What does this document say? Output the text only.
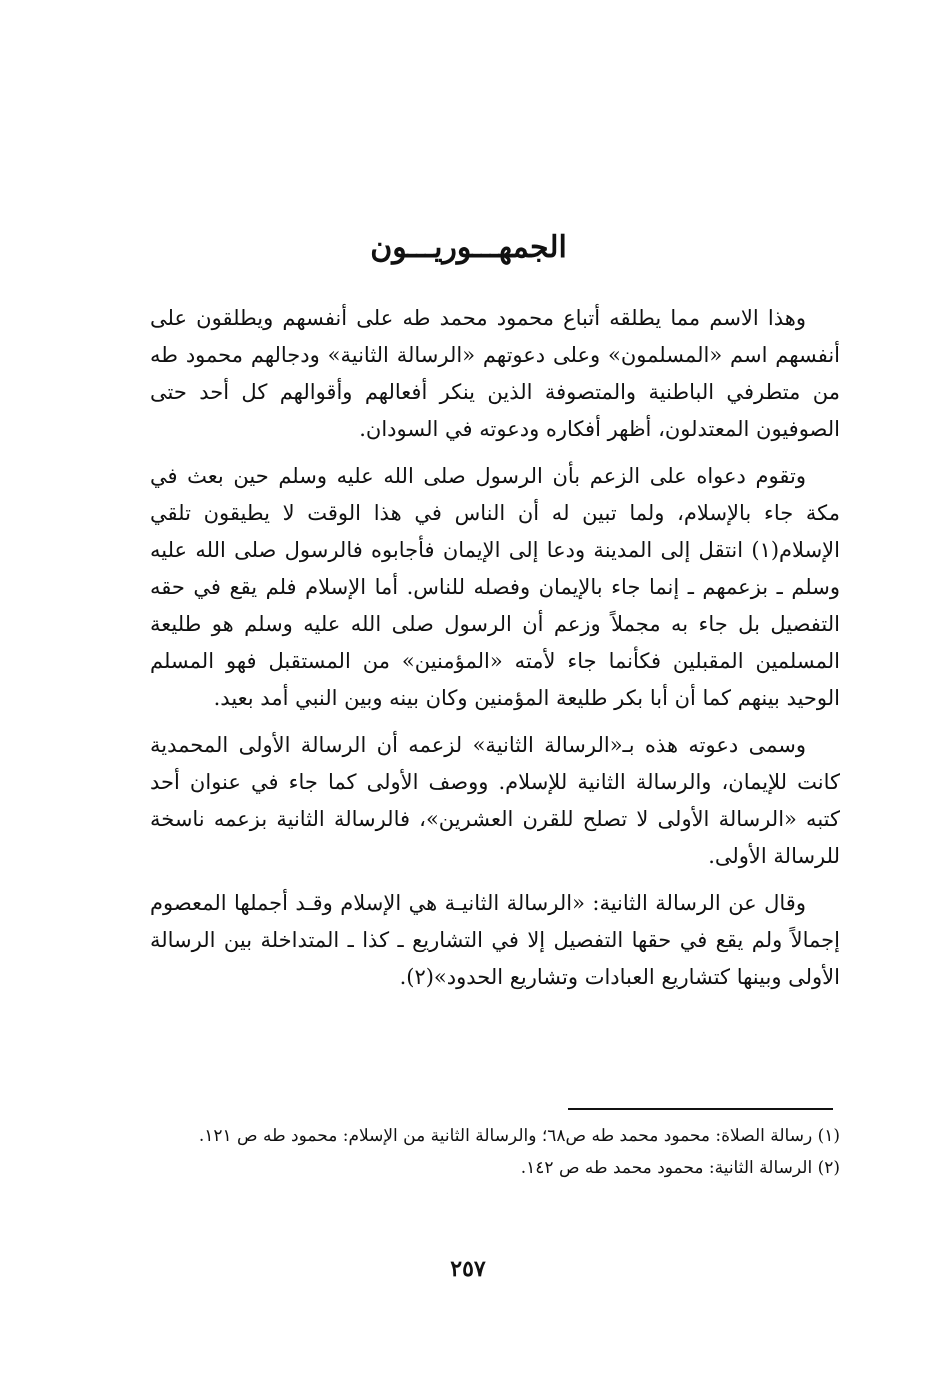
الجمهـــوريـــون

وهذا الاسم مما يطلقه أتباع محمود محمد طه على أنفسهم ويطلقون على أنفسهم اسم «المسلمون» وعلى دعوتهم «الرسالة الثانية» ودجالهم محمود طه من متطرفي الباطنية والمتصوفة الذين ينكر أفعالهم وأقوالهم كل أحد حتى الصوفيون المعتدلون، أظهر أفكاره ودعوته في السودان.

وتقوم دعواه على الزعم بأن الرسول صلى الله عليه وسلم حين بعث في مكة جاء بالإسلام، ولما تبين له أن الناس في هذا الوقت لا يطيقون تلقي الإسلام(١) انتقل إلى المدينة ودعا إلى الإيمان فأجابوه فالرسول صلى الله عليه وسلم ـ بزعمهم ـ إنما جاء بالإيمان وفصله للناس. أما الإسلام فلم يقع في حقه التفصيل بل جاء به مجملاً وزعم أن الرسول صلى الله عليه وسلم هو طليعة المسلمين المقبلين فكأنما جاء لأمته «المؤمنين» من المستقبل فهو المسلم الوحيد بينهم كما أن أبا بكر طليعة المؤمنين وكان بينه وبين النبي أمد بعيد.

وسمى دعوته هذه بـ«الرسالة الثانية» لزعمه أن الرسالة الأولى المحمدية كانت للإيمان، والرسالة الثانية للإسلام. ووصف الأولى كما جاء في عنوان أحد كتبه «الرسالة الأولى لا تصلح للقرن العشرين»، فالرسالة الثانية بزعمه ناسخة للرسالة الأولى.

وقال عن الرسالة الثانية: «الرسالة الثانيـة هي الإسلام وقـد أجملها المعصوم إجمالاً ولم يقع في حقها التفصيل إلا في التشاريع ـ كذا ـ المتداخلة بين الرسالة الأولى وبينها كتشاريع العبادات وتشاريع الحدود»(٢).

(١) رسالة الصلاة: محمود محمد طه ص٦٨؛ والرسالة الثانية من الإسلام: محمود طه ص ١٢١.

(٢) الرسالة الثانية: محمود محمد طه ص ١٤٢.

٢٥٧
